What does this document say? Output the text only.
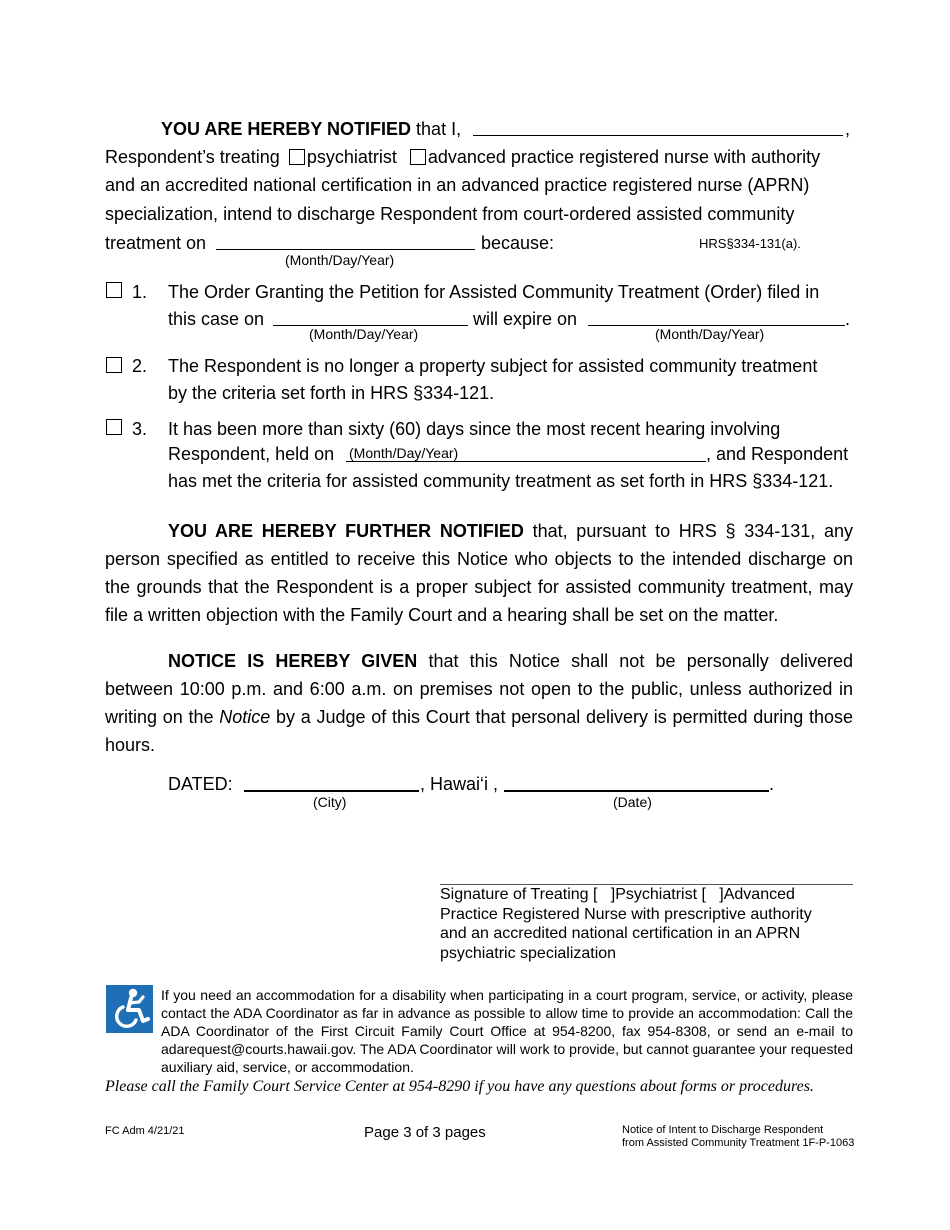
YOU ARE HEREBY NOTIFIED that I,	,
Respondent’s treating psychiatrist advanced practice registered nurse with authority
and an accredited national certification in an advanced practice registered nurse (APRN)
specialization, intend to discharge Respondent from court-ordered assisted community
treatment on	because:	HRS§334-131(a).
(Month/Day/Year)
1. The Order Granting the Petition for Assisted Community Treatment (Order) filed in
this case on	will expire on	.
(Month/Day/Year)	(Month/Day/Year)
2. The Respondent is no longer a property subject for assisted community treatment
by the criteria set forth in HRS §334-121.
3. It has been more than sixty (60) days since the most recent hearing involving
Respondent, held on (Month/Day/Year)	, and Respondent
has met the criteria for assisted community treatment as set forth in HRS §334-121.
YOU ARE HEREBY FURTHER NOTIFIED that, pursuant to HRS § 334-131, any person specified as entitled to receive this Notice who objects to the intended discharge on the grounds that the Respondent is a proper subject for assisted community treatment, may file a written objection with the Family Court and a hearing shall be set on the matter.
NOTICE IS HEREBY GIVEN that this Notice shall not be personally delivered between 10:00 p.m. and 6:00 a.m. on premises not open to the public, unless authorized in writing on the Notice by a Judge of this Court that personal delivery is permitted during those hours.
DATED:	, Hawai‘i ,	.
(City)	(Date)
Signature of Treating [   ]Psychiatrist [   ]Advanced
Practice Registered Nurse with prescriptive authority
and an accredited national certification in an APRN
psychiatric specialization
If you need an accommodation for a disability when participating in a court program, service, or activity, please contact the ADA Coordinator as far in advance as possible to allow time to provide an accommodation: Call the ADA Coordinator of the First Circuit Family Court Office at 954-8200, fax 954-8308, or send an e-mail to adarequest@courts.hawaii.gov. The ADA Coordinator will work to provide, but cannot guarantee your requested auxiliary aid, service, or accommodation.
Please call the Family Court Service Center at 954-8290 if you have any questions about forms or procedures.
FC Adm 4/21/21	Page 3 of 3 pages	Notice of Intent to Discharge Respondent
from Assisted Community Treatment 1F-P-1063
